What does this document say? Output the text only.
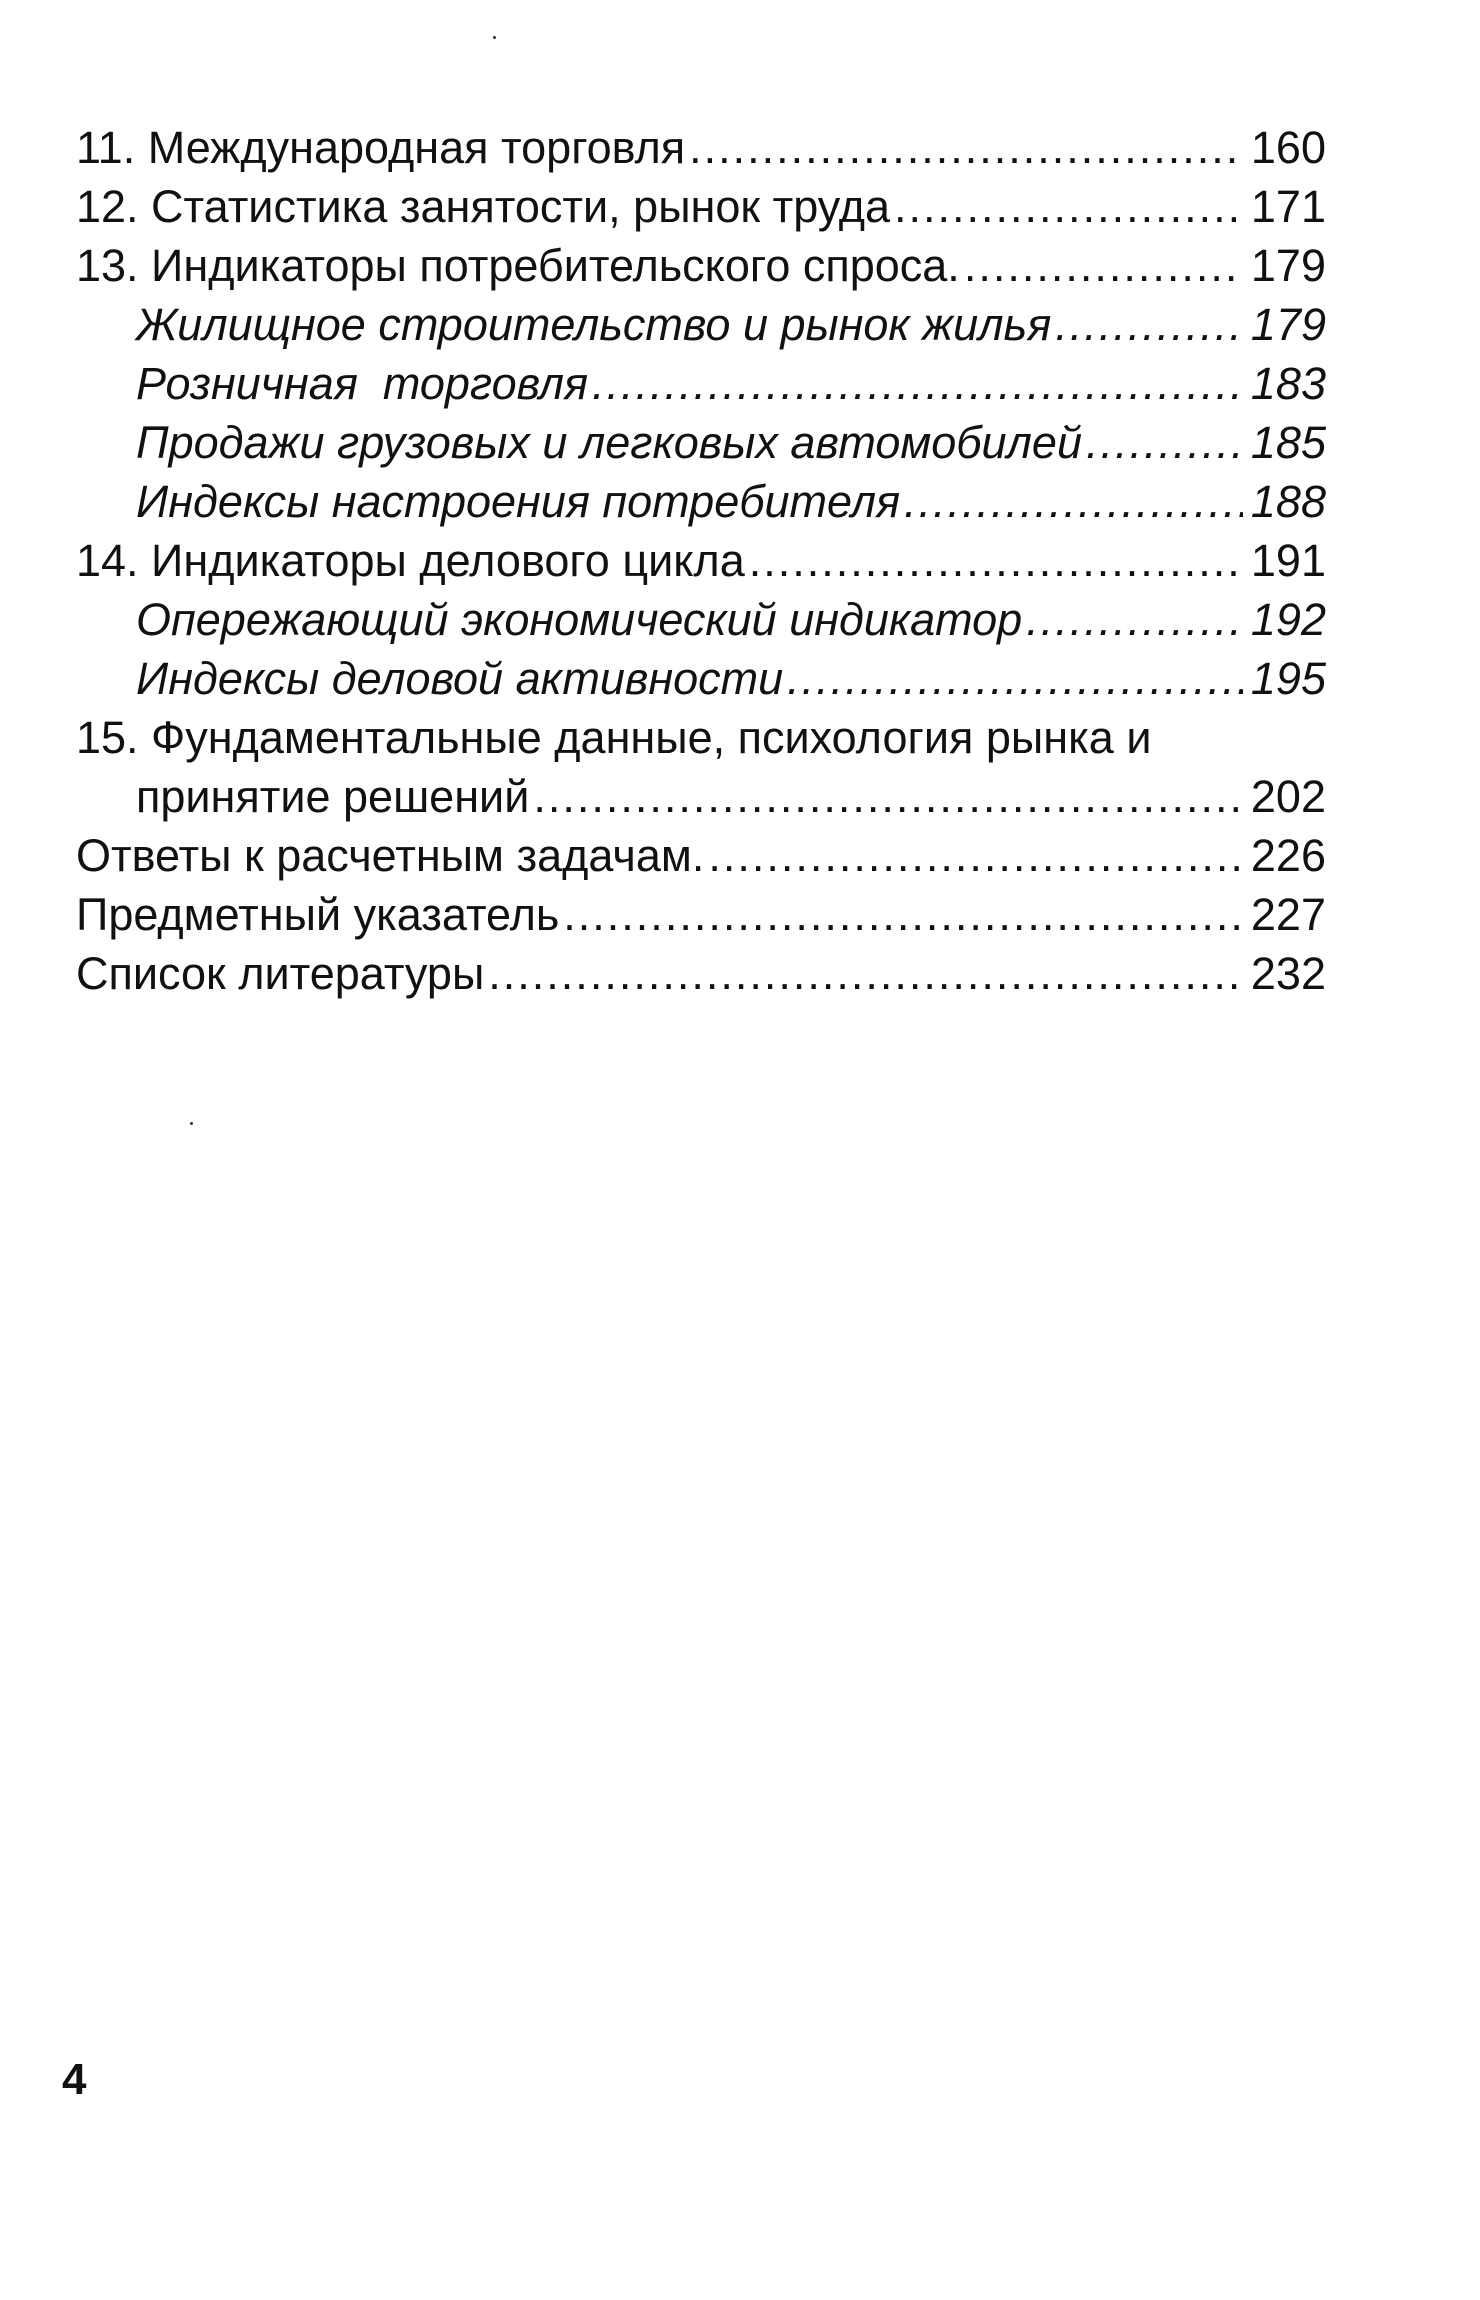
11. Международная торговля .....	160
12. Статистика занятости, рынок труда .....	171
13. Индикаторы потребительского спроса. .....	179
Жилищное строительство и рынок жилья .....	179
Розничная  торговля .....	183
Продажи грузовых и легковых автомобилей .....	185
Индексы настроения потребителя .....	188
14. Индикаторы делового цикла .....	191
Опережающий экономический индикатор .....	192
Индексы деловой активности .....	195
15. Фундаментальные данные, психология рынка и
принятие решений .....	202
Ответы к расчетным задачам. .....	226
Предметный указатель .....	227
Список литературы .....	232
4
